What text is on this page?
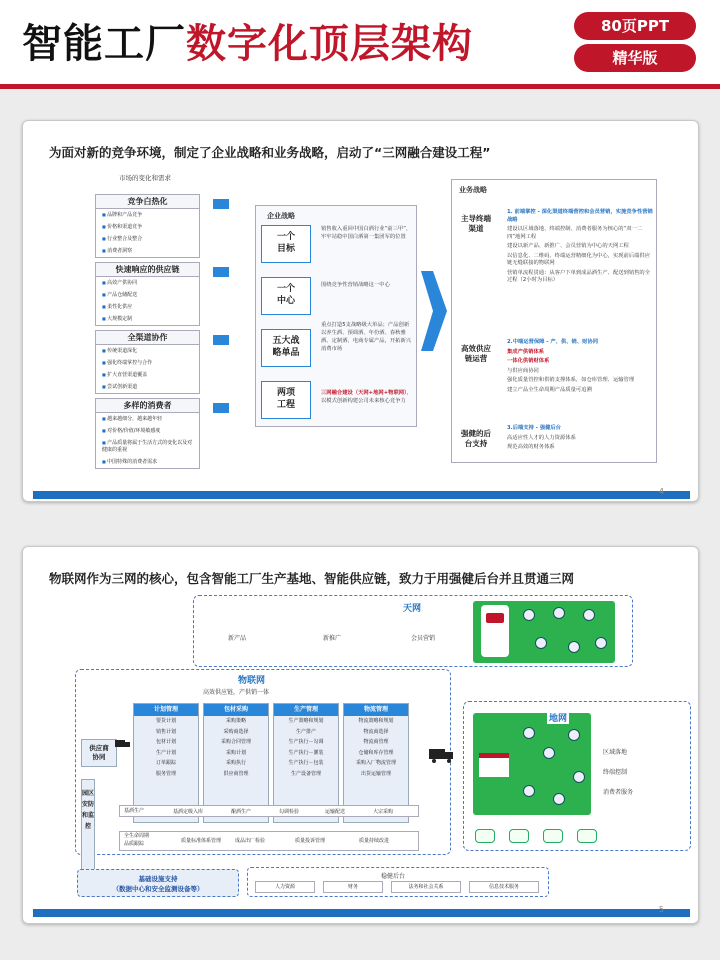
智能工厂数字化顶层架构	80页PPT
精华版
为面对新的竞争环境，制定了企业战略和业务战略，启动了“三网融合建设工程”
市场的变化和需求
竞争白热化
■ 品牌和产品竞争
■ 价格和渠道竞争
■ 行业整合及整合
■ 消费者洞察
快速响应的供应链
■ 高效产供协同
■ 产品仓储配送
■ 柔性化供应
■ 大规模定制
全渠道协作
■ 传统渠道深化
■ 强化终端掌控与合作
■ 扩大直营渠道覆盖
■ 尝试创新渠道
多样的消费者
■ 越来越细分，越来越年轻
■ 对价格/价值/环境敏感度
■ 产品质量将属于生活方式的变化以及对健康的重视
■ 中国特殊的消费者需求
企业战略
一个
目标
销售收入重回中国白酒行业“前三甲”，牢牢站稳中国白酒第一集团军的位置
一个
中心
围绕竞争性营销战略这一中心
五大战
略单品
重点打造5支战略级大单品；产品创新以养生酒、预调酒、年份酒、春秋雅酒、定制酒、电商专属产品，开拓新兴消费市场
两项
工程
三网融合建设（天网+地网+物联网），以模式创新构建公司未来核心竞争力
业务战略
主导终端
渠道
1. 前端掌控 - 深化渠道终端营控和会员营销，实施竞争性营销战略
建设以区域落地、终端控制、消费者服务为核心的“双一二四”地网工程
建设以新产品、新推广、会员营销为中心的天网工程
以信息化、二维码、终端运营精细化为中心，实现前后端供应链无缝联接的物联网
营销单流程贯通：从客户下单到成品酒生产、配送到销售的全过程（2小时为目标）
高效供应
链运营
2.中端运营保障 - 产、供、销、财协同
集成产供销体系
一体化供销财体系
与供应商协同
强化质量管控和供销支撑体系，如仓库管理、运输管理
建立产品全生命周期产品质量可追溯
强健的后
台支持
3.后端支持 - 强健后台
高适应性人才的人力资源体系
规范高效的财务体系
4
物联网作为三网的核心，包含智能工厂生产基地、智能供应链，致力于用强健后台并且贯通三网
天网
新产品	新推广	会员营销
物联网
高效供应链，产供销一体
供应商
协同
计划管理
要货计划
销售计划
包材计划
生产计划
订单跟踪
服务管理
包材采购
采购策略
采购商选择
采购合同管理
采购计划
采购执行
供应商管理
生产管理
生产策略和规划
生产排产
生产执行－勾调
生产执行－灌装
生产执行－包装
生产设备管理
物流管理
物流策略和规划
物流商选择
物流商管理
仓储和库存管理
采购入厂物流管理
出货运输管理
园区安防和监控
基酒生产	基酒定级入库	酿酒生产	勾调检验	运输配送	大宗采购
全生命周期
品质跟踪	质量标准体系管理	成品出厂检验	质量投诉管理	质量持续改进
基础设施支持
（数据中心和安全监测设备等）
稳健后台
人力资源	财务	法务和社会关系	信息技术服务
地网
区域落地
终端控制
消费者服务
5
